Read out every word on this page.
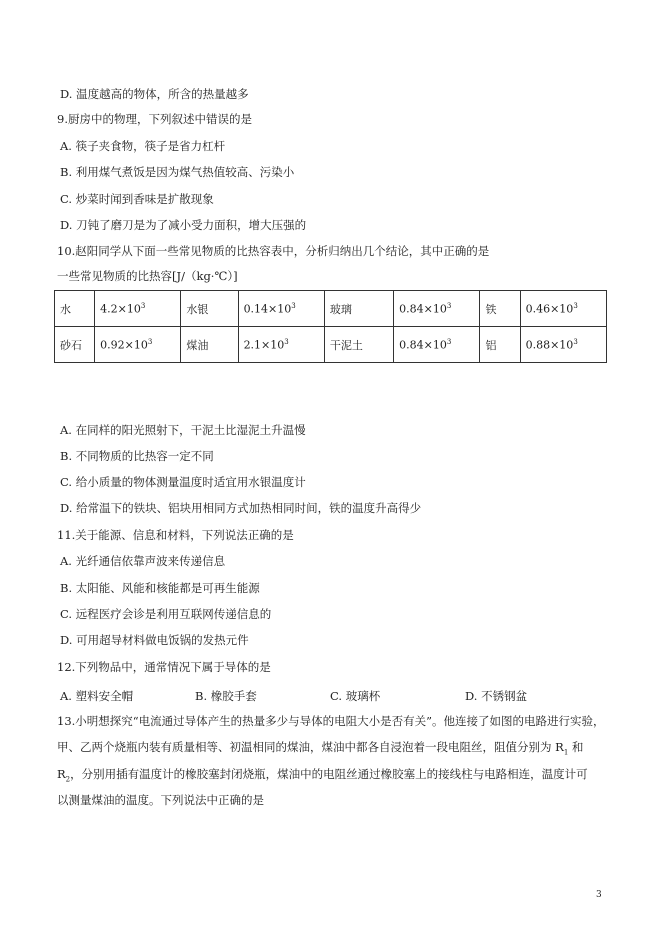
D. 温度越高的物体，所含的热量越多
9.厨房中的物理，下列叙述中错误的是
A. 筷子夹食物，筷子是省力杠杆
B. 利用煤气煮饭是因为煤气热值较高、污染小
C. 炒菜时闻到香味是扩散现象
D. 刀钝了磨刀是为了减小受力面积，增大压强的
10.赵阳同学从下面一些常见物质的比热容表中，分析归纳出几个结论，其中正确的是
一些常见物质的比热容[J/（kg·℃）]
水	$4.2\times 10^3$	水银	$0.14\times 10^3$	玻璃	$0.84\times 10^3$	铁	$0.46\times 10^3$
砂石	$0.92\times 10^3$	煤油	$2.1\times 10^3$	干泥土	$0.84\times 10^3$	铝	$0.88\times 10^3$
A. 在同样的阳光照射下，干泥土比湿泥土升温慢
B. 不同物质的比热容一定不同
C. 给小质量的物体测量温度时适宜用水银温度计
D. 给常温下的铁块、铝块用相同方式加热相同时间，铁的温度升高得少
11.关于能源、信息和材料，下列说法正确的是
A. 光纤通信依靠声波来传递信息
B. 太阳能、风能和核能都是可再生能源
C. 远程医疗会诊是利用互联网传递信息的
D. 可用超导材料做电饭锅的发热元件
12.下列物品中，通常情况下属于导体的是
A. 塑料安全帽	B. 橡胶手套	C. 玻璃杯	D. 不锈钢盆
13.小明想探究“电流通过导体产生的热量多少与导体的电阻大小是否有关”。他连接了如图的电路进行实验，
甲、乙两个烧瓶内装有质量相等、初温相同的煤油，煤油中都各自浸泡着一段电阻丝，阻值分别为 $R_1$ 和
$R_2$，分别用插有温度计的橡胶塞封闭烧瓶，煤油中的电阻丝通过橡胶塞上的接线柱与电路相连，温度计可
以测量煤油的温度。下列说法中正确的是
3
